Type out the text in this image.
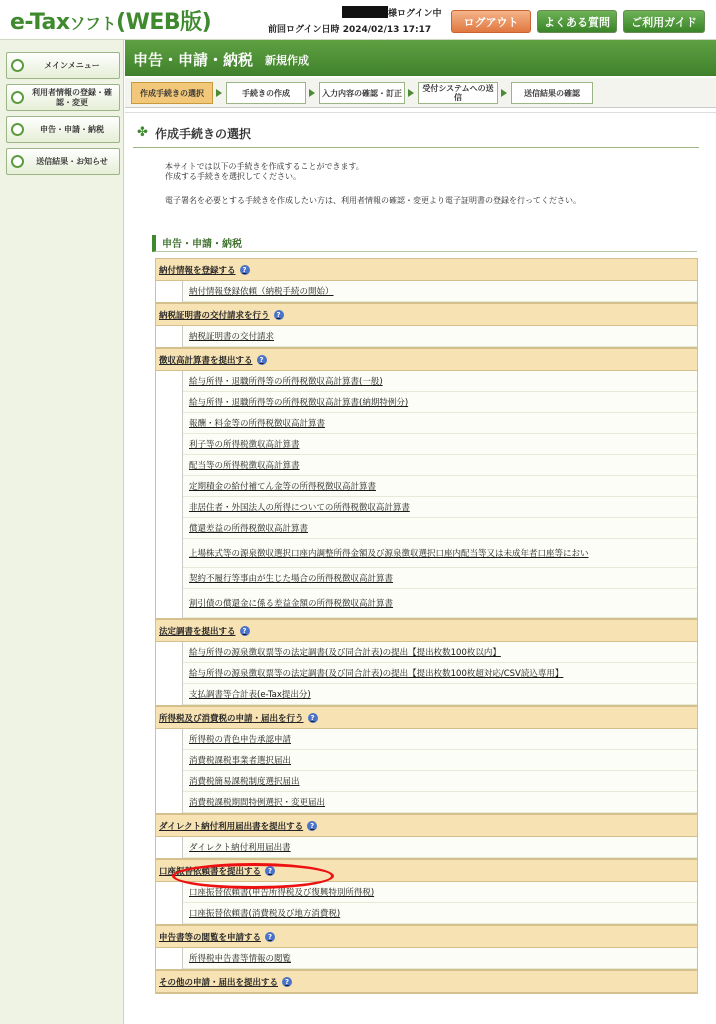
e-Taxソフト(WEB版)	様ログイン中
前回ログイン日時 2024/02/13 17:17
ログアウト	よくある質問	ご利用ガイド
メインメニュー
利用者情報の登録・確認・変更
申告・申請・納税
送信結果・お知らせ
申告・申請・納税 新規作成
作成手続きの選択	手続きの作成	入力内容の確認・訂正	受付システムへの送信	送信結果の確認
✤ 作成手続きの選択
本サイトでは以下の手続きを作成することができます。
作成する手続きを選択してください。
電子署名を必要とする手続きを作成したい方は、利用者情報の確認・変更より電子証明書の登録を行ってください。
申告・申請・納税
納付情報を登録する ?
納付情報登録依頼（納税手続の開始）
納税証明書の交付請求を行う ?
納税証明書の交付請求
徴収高計算書を提出する ?
給与所得・退職所得等の所得税徴収高計算書(一般)
給与所得・退職所得等の所得税徴収高計算書(納期特例分)
報酬・料金等の所得税徴収高計算書
利子等の所得税徴収高計算書
配当等の所得税徴収高計算書
定期積金の給付補てん金等の所得税徴収高計算書
非居住者・外国法人の所得についての所得税徴収高計算書
償還差益の所得税徴収高計算書
上場株式等の源泉徴収選択口座内調整所得金額及び源泉徴収選択口座内配当等又は未成年者口座等におい
契約不履行等事由が生じた場合の所得税徴収高計算書
割引債の償還金に係る差益金額の所得税徴収高計算書
法定調書を提出する ?
給与所得の源泉徴収票等の法定調書(及び同合計表)の提出【提出枚数100枚以内】
給与所得の源泉徴収票等の法定調書(及び同合計表)の提出【提出枚数100枚超対応/CSV読込専用】
支払調書等合計表(e-Tax提出分)
所得税及び消費税の申請・届出を行う ?
所得税の青色申告承認申請
消費税課税事業者選択届出
消費税簡易課税制度選択届出
消費税課税期間特例選択・変更届出
ダイレクト納付利用届出書を提出する ?
ダイレクト納付利用届出書
口座振替依頼書を提出する ?
口座振替依頼書(申告所得税及び復興特別所得税)
口座振替依頼書(消費税及び地方消費税)
申告書等の閲覧を申請する ?
所得税申告書等情報の閲覧
その他の申請・届出を提出する ?
